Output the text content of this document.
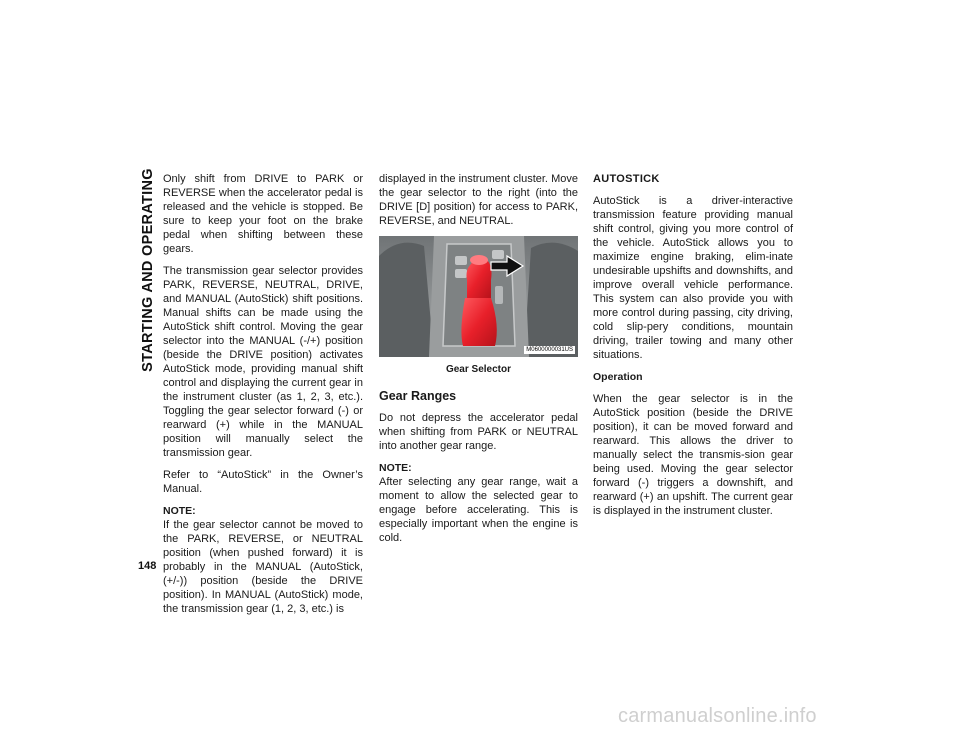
STARTING AND OPERATING
148

Only shift from DRIVE to PARK or REVERSE when the accelerator pedal is released and the vehicle is stopped. Be sure to keep your foot on the brake pedal when shifting between these gears.

The transmission gear selector provides PARK, REVERSE, NEUTRAL, DRIVE, and MANUAL (AutoStick) shift positions. Manual shifts can be made using the AutoStick shift control. Moving the gear selector into the MANUAL (-/+) position (beside the DRIVE position) activates AutoStick mode, providing manual shift control and displaying the current gear in the instrument cluster (as 1, 2, 3, etc.). Toggling the gear selector forward (-) or rearward (+) while in the MANUAL position will manually select the transmission gear.

Refer to “AutoStick” in the Owner’s Manual.

NOTE:
If the gear selector cannot be moved to the PARK, REVERSE, or NEUTRAL position (when pushed forward) it is probably in the MANUAL (AutoStick, (+/-)) position (beside the DRIVE position). In MANUAL (AutoStick) mode, the transmission gear (1, 2, 3, etc.) is

displayed in the instrument cluster. Move the gear selector to the right (into the DRIVE [D] position) for access to PARK, REVERSE, and NEUTRAL.

M0600000031US
Gear Selector
Gear Ranges

Do not depress the accelerator pedal when shifting from PARK or NEUTRAL into another gear range.

NOTE:
After selecting any gear range, wait a moment to allow the selected gear to engage before accelerating. This is especially important when the engine is cold.

AUTOSTICK

AutoStick is a driver-interactive transmission feature providing manual shift control, giving you more control of the vehicle. AutoStick allows you to maximize engine braking, elim-inate undesirable upshifts and downshifts, and improve overall vehicle performance. This system can also provide you with more control during passing, city driving, cold slip-pery conditions, mountain driving, trailer towing and many other situations.

Operation

When the gear selector is in the AutoStick position (beside the DRIVE position), it can be moved forward and rearward. This allows the driver to manually select the transmis-sion gear being used. Moving the gear selector forward (-) triggers a downshift, and rearward (+) an upshift. The current gear is displayed in the instrument cluster.

carmanualsonline.info
